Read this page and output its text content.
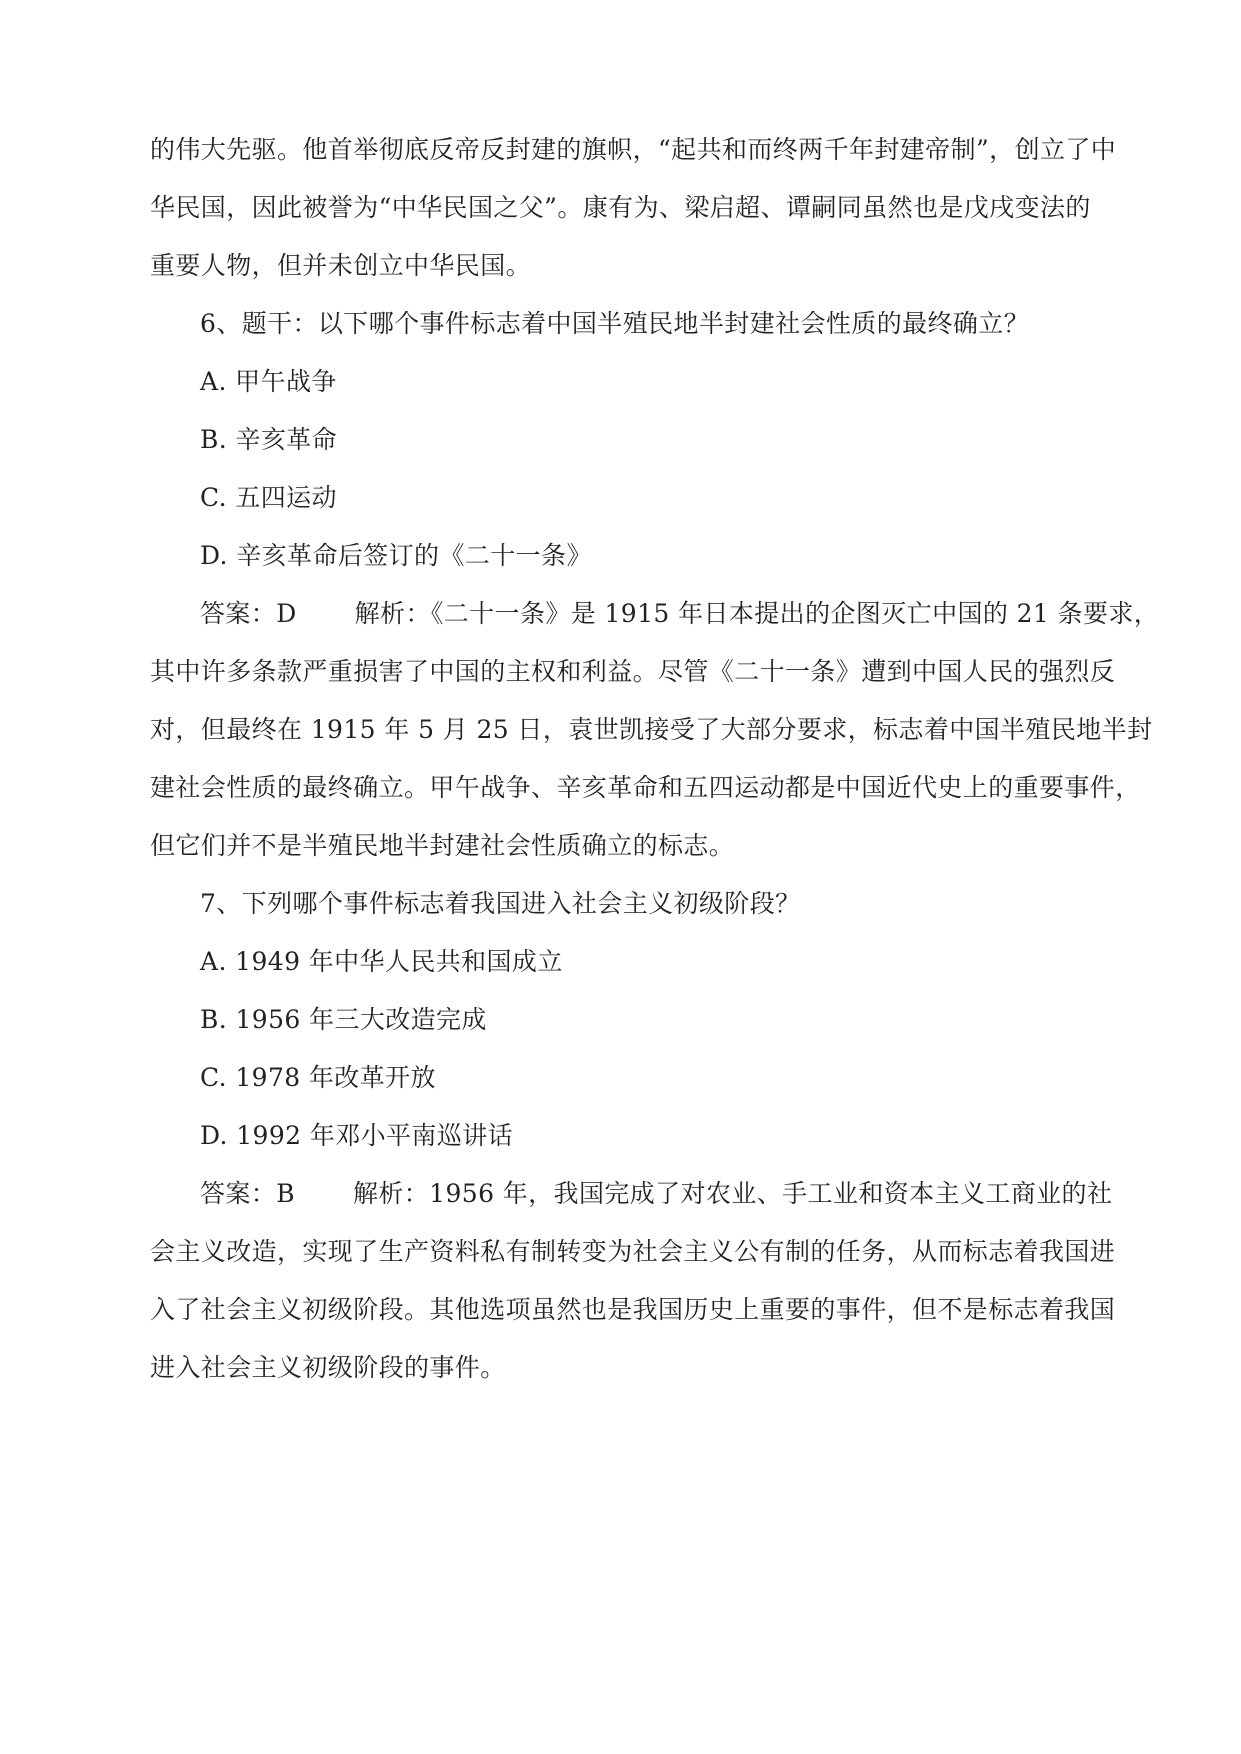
的伟大先驱。他首举彻底反帝反封建的旗帜，“起共和而终两千年封建帝制”，创立了中
华民国，因此被誉为“中华民国之父”。康有为、梁启超、谭嗣同虽然也是戊戌变法的
重要人物，但并未创立中华民国。
6、题干：以下哪个事件标志着中国半殖民地半封建社会性质的最终确立？
A. 甲午战争
B. 辛亥革命
C. 五四运动
D. 辛亥革命后签订的《二十一条》
答案：D 解析：《二十一条》是 1915 年日本提出的企图灭亡中国的 21 条要求，
其中许多条款严重损害了中国的主权和利益。尽管《二十一条》遭到中国人民的强烈反
对，但最终在 1915 年 5 月 25 日，袁世凯接受了大部分要求，标志着中国半殖民地半封
建社会性质的最终确立。甲午战争、辛亥革命和五四运动都是中国近代史上的重要事件，
但它们并不是半殖民地半封建社会性质确立的标志。
7、下列哪个事件标志着我国进入社会主义初级阶段？
A. 1949 年中华人民共和国成立
B. 1956 年三大改造完成
C. 1978 年改革开放
D. 1992 年邓小平南巡讲话
答案：B 解析：1956 年，我国完成了对农业、手工业和资本主义工商业的社
会主义改造，实现了生产资料私有制转变为社会主义公有制的任务，从而标志着我国进
入了社会主义初级阶段。其他选项虽然也是我国历史上重要的事件，但不是标志着我国
进入社会主义初级阶段的事件。
